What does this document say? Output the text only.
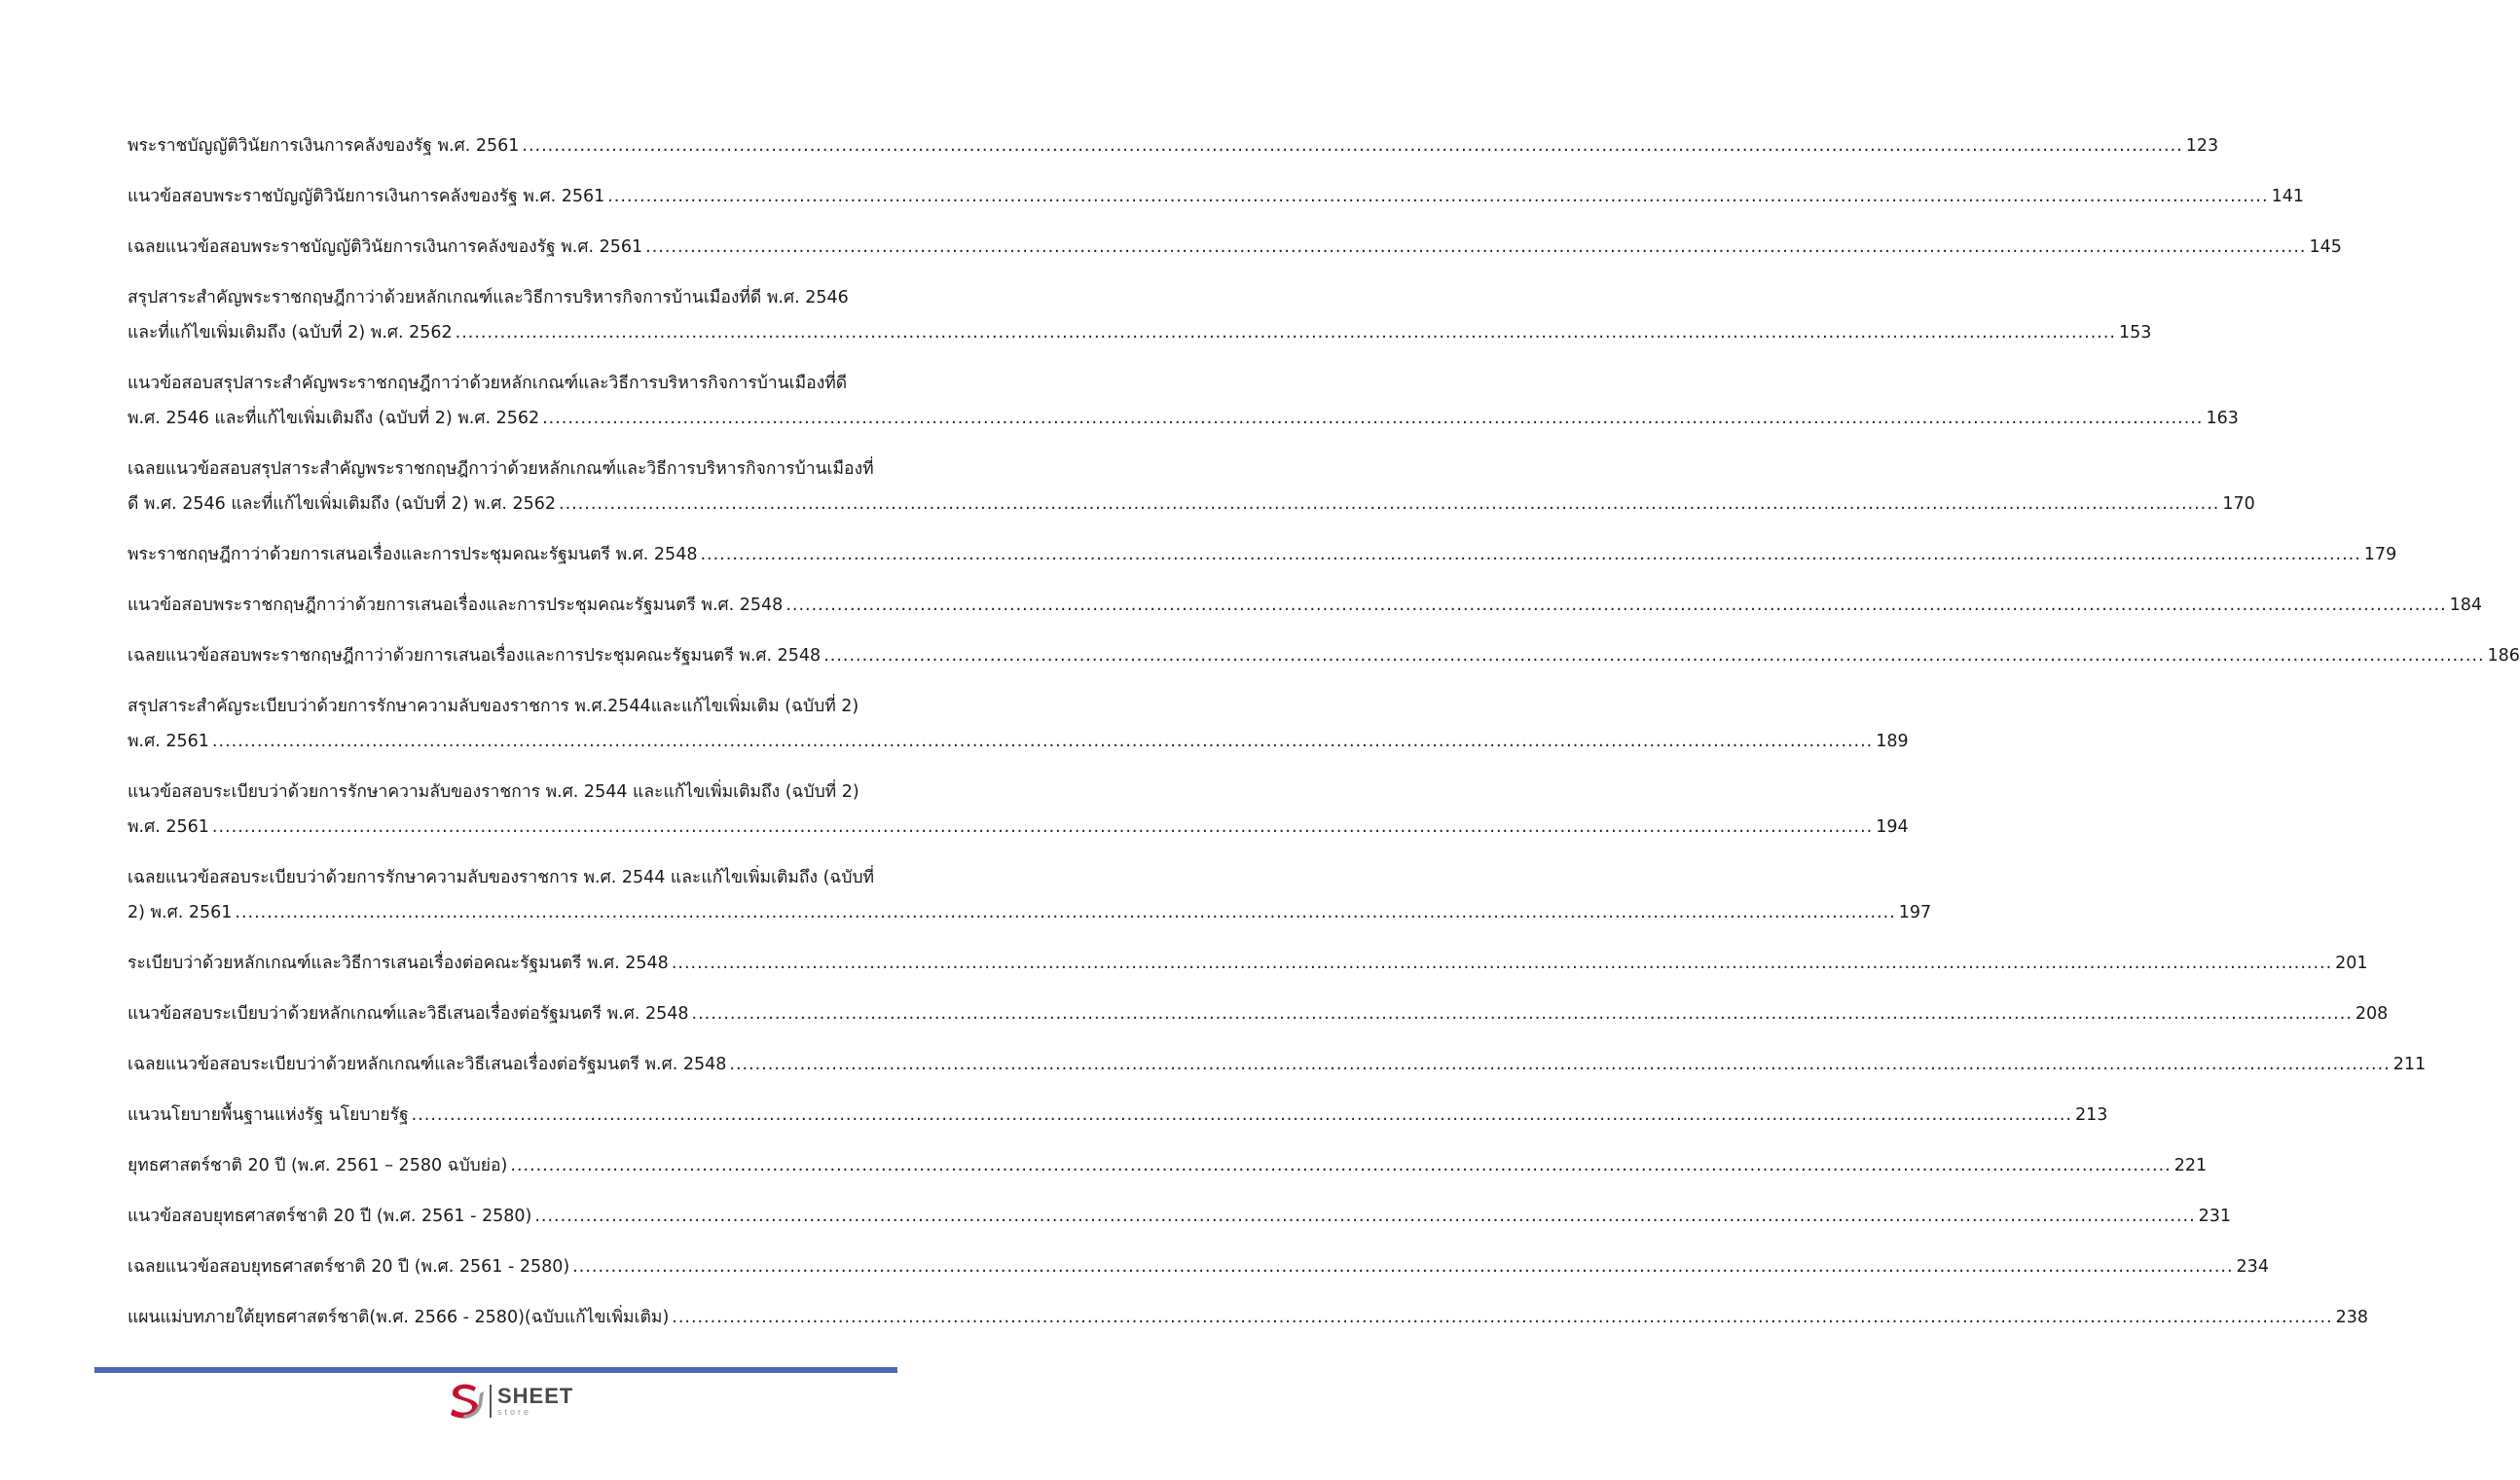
พระราชบัญญัติวินัยการเงินการคลังของรัฐ พ.ศ. 2561 .....	123
แนวข้อสอบพระราชบัญญัติวินัยการเงินการคลังของรัฐ พ.ศ. 2561 .....	141
เฉลยแนวข้อสอบพระราชบัญญัติวินัยการเงินการคลังของรัฐ พ.ศ. 2561 .....	145
สรุปสาระสำคัญพระราชกฤษฎีกาว่าด้วยหลักเกณฑ์และวิธีการบริหารกิจการบ้านเมืองที่ดี พ.ศ. 2546
และที่แก้ไขเพิ่มเติมถึง (ฉบับที่ 2) พ.ศ. 2562 .....	153
แนวข้อสอบสรุปสาระสำคัญพระราชกฤษฎีกาว่าด้วยหลักเกณฑ์และวิธีการบริหารกิจการบ้านเมืองที่ดี
พ.ศ. 2546 และที่แก้ไขเพิ่มเติมถึง (ฉบับที่ 2) พ.ศ. 2562 .....	163
เฉลยแนวข้อสอบสรุปสาระสำคัญพระราชกฤษฎีกาว่าด้วยหลักเกณฑ์และวิธีการบริหารกิจการบ้านเมืองที่
ดี พ.ศ. 2546 และที่แก้ไขเพิ่มเติมถึง (ฉบับที่ 2) พ.ศ. 2562 .....	170
พระราชกฤษฎีกาว่าด้วยการเสนอเรื่องและการประชุมคณะรัฐมนตรี พ.ศ. 2548 .....	179
แนวข้อสอบพระราชกฤษฎีกาว่าด้วยการเสนอเรื่องและการประชุมคณะรัฐมนตรี พ.ศ. 2548 .....	184
เฉลยแนวข้อสอบพระราชกฤษฎีกาว่าด้วยการเสนอเรื่องและการประชุมคณะรัฐมนตรี พ.ศ. 2548 .....	186
สรุปสาระสำคัญระเบียบว่าด้วยการรักษาความลับของราชการ พ.ศ.2544และแก้ไขเพิ่มเติม (ฉบับที่ 2)
พ.ศ. 2561 .....	189
แนวข้อสอบระเบียบว่าด้วยการรักษาความลับของราชการ พ.ศ. 2544 และแก้ไขเพิ่มเติมถึง (ฉบับที่ 2)
พ.ศ. 2561 .....	194
เฉลยแนวข้อสอบระเบียบว่าด้วยการรักษาความลับของราชการ พ.ศ. 2544 และแก้ไขเพิ่มเติมถึง (ฉบับที่
2) พ.ศ. 2561 .....	197
ระเบียบว่าด้วยหลักเกณฑ์และวิธีการเสนอเรื่องต่อคณะรัฐมนตรี พ.ศ. 2548 .....	201
แนวข้อสอบระเบียบว่าด้วยหลักเกณฑ์และวิธีเสนอเรื่องต่อรัฐมนตรี พ.ศ. 2548 .....	208
เฉลยแนวข้อสอบระเบียบว่าด้วยหลักเกณฑ์และวิธีเสนอเรื่องต่อรัฐมนตรี พ.ศ. 2548 .....	211
แนวนโยบายพื้นฐานแห่งรัฐ นโยบายรัฐ .....	213
ยุทธศาสตร์ชาติ 20 ปี (พ.ศ. 2561 – 2580 ฉบับย่อ) .....	221
แนวข้อสอบยุทธศาสตร์ชาติ 20 ปี (พ.ศ. 2561 - 2580) .....	231
เฉลยแนวข้อสอบยุทธศาสตร์ชาติ 20 ปี (พ.ศ. 2561 - 2580) .....	234
แผนแม่บทภายใต้ยุทธศาสตร์ชาติ(พ.ศ. 2566 - 2580)(ฉบับแก้ไขเพิ่มเติม) .....	238
SHEET
store
